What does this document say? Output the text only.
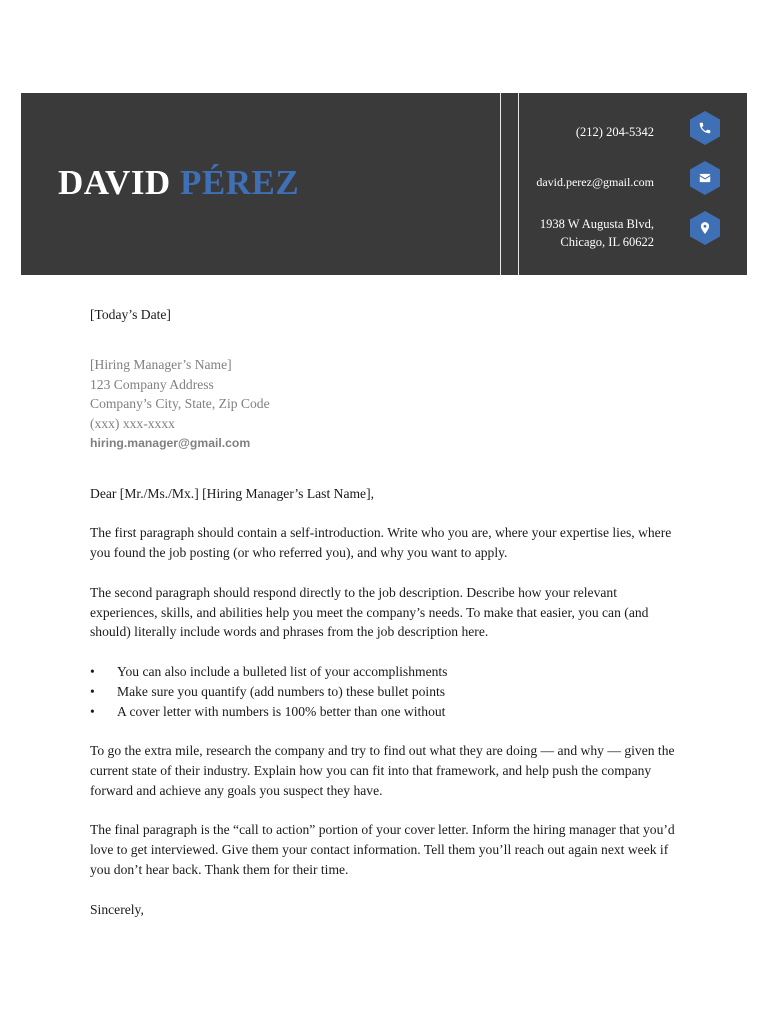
DAVID PÉREZ
(212) 204-5342
david.perez@gmail.com
1938 W Augusta Blvd,
Chicago, IL 60622

[Today’s Date]

[Hiring Manager’s Name]

123 Company Address

Company’s City, State, Zip Code

(xxx) xxx-xxxx

hiring.manager@gmail.com

Dear [Mr./Ms./Mx.] [Hiring Manager’s Last Name],

The first paragraph should contain a self-introduction. Write who you are, where your expertise lies, where you found the job posting (or who referred you), and why you want to apply.

The second paragraph should respond directly to the job description. Describe how your relevant experiences, skills, and abilities help you meet the company’s needs. To make that easier, you can (and should) literally include words and phrases from the job description here.

• You can also include a bulleted list of your accomplishments
• Make sure you quantify (add numbers to) these bullet points
• A cover letter with numbers is 100% better than one without

To go the extra mile, research the company and try to find out what they are doing — and why — given the current state of their industry. Explain how you can fit into that framework, and help push the company forward and achieve any goals you suspect they have.

The final paragraph is the “call to action” portion of your cover letter. Inform the hiring manager that you’d love to get interviewed. Give them your contact information. Tell them you’ll reach out again next week if you don’t hear back. Thank them for their time.

Sincerely,
